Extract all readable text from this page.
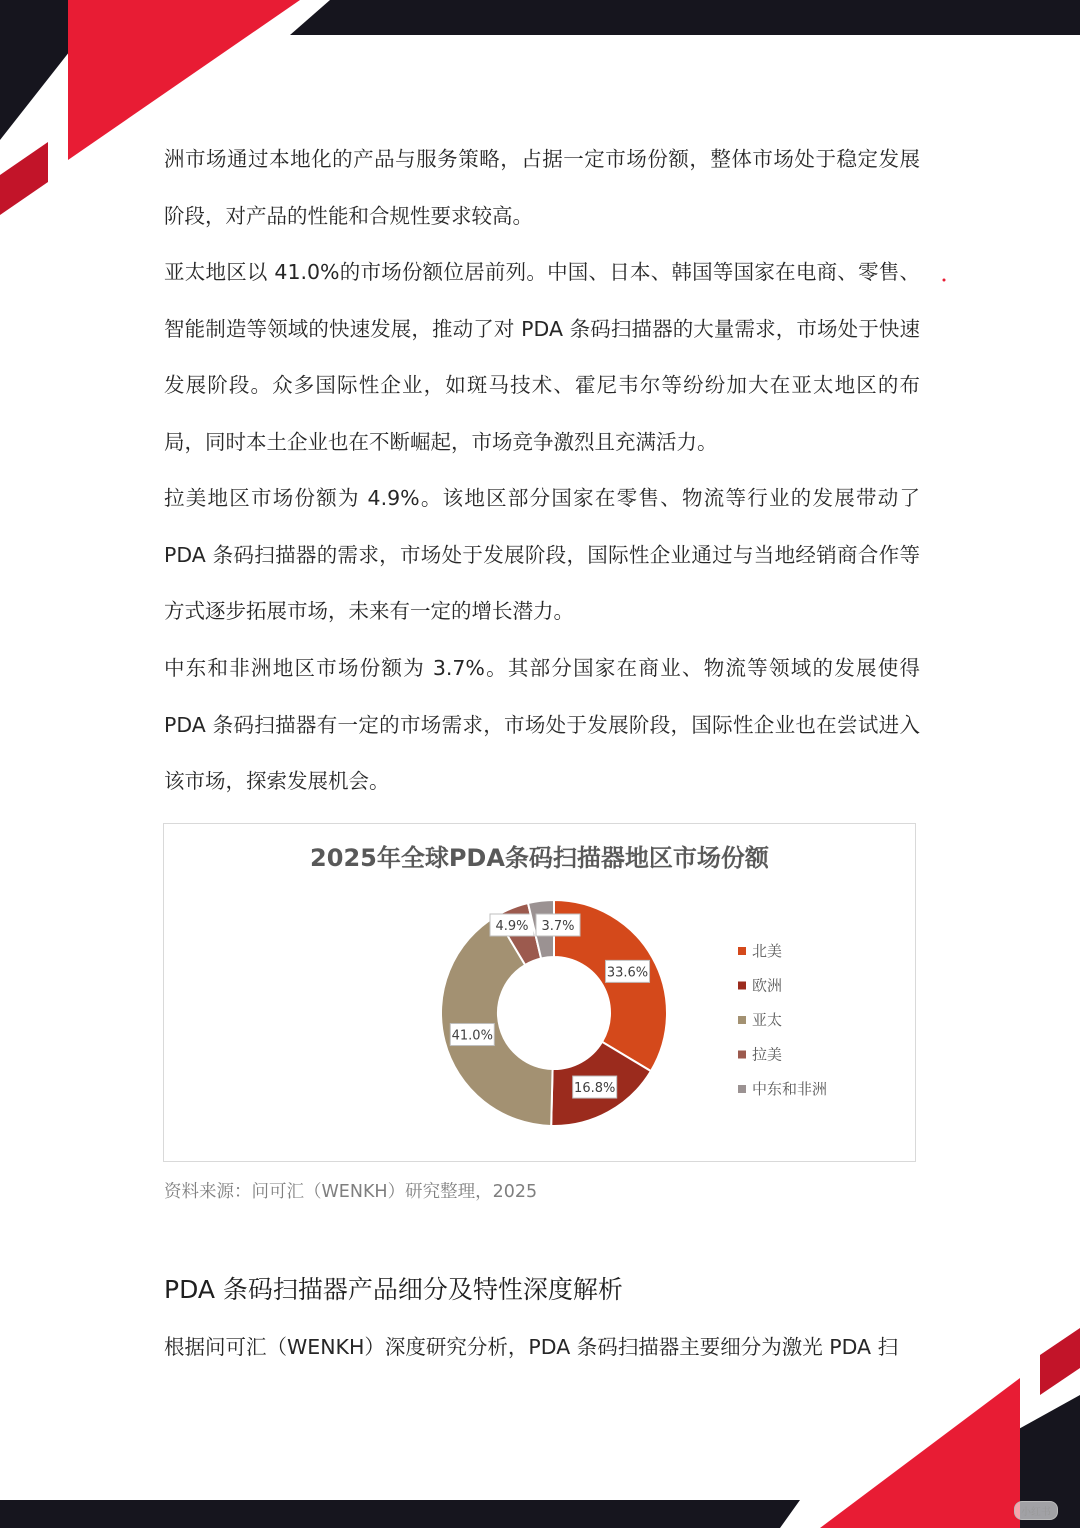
洲市场通过本地化的产品与服务策略，占据一定市场份额，整体市场处于稳定发展阶段，对产品的性能和合规性要求较高。

亚太地区以 41.0%的市场份额位居前列。中国、日本、韩国等国家在电商、零售、智能制造等领域的快速发展，推动了对 PDA 条码扫描器的大量需求，市场处于快速发展阶段。众多国际性企业，如斑马技术、霍尼韦尔等纷纷加大在亚太地区的布局，同时本土企业也在不断崛起，市场竞争激烈且充满活力。

拉美地区市场份额为 4.9%。该地区部分国家在零售、物流等行业的发展带动了PDA 条码扫描器的需求，市场处于发展阶段，国际性企业通过与当地经销商合作等方式逐步拓展市场，未来有一定的增长潜力。

中东和非洲地区市场份额为 3.7%。其部分国家在商业、物流等领域的发展使得PDA 条码扫描器有一定的市场需求，市场处于发展阶段，国际性企业也在尝试进入该市场，探索发展机会。

2025年全球PDA条码扫描器地区市场份额
33.6%
16.8%
41.0%
4.9% 3.7%
北美
欧洲
亚太
拉美
中东和非洲
资料来源：问可汇（WENKH）研究整理，2025
PDA 条码扫描器产品细分及特性深度解析
根据问可汇（WENKH）深度研究分析，PDA 条码扫描器主要细分为激光 PDA 扫
小红书
